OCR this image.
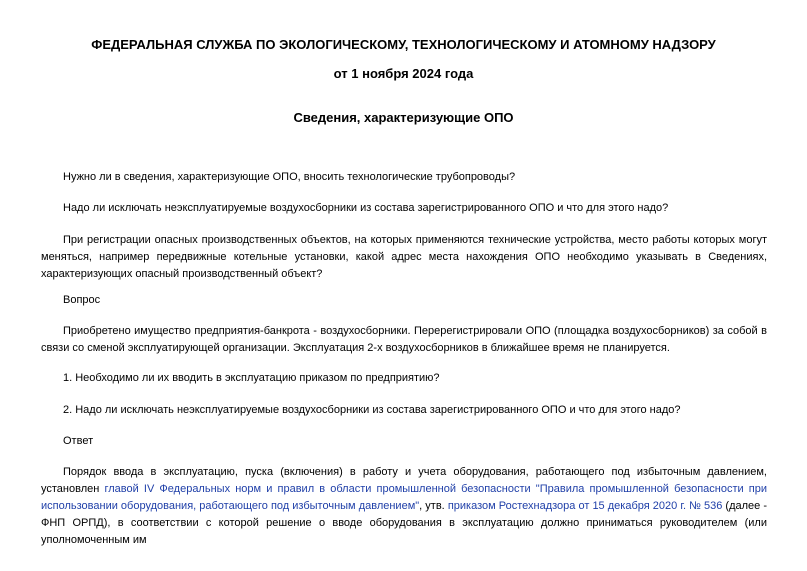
ФЕДЕРАЛЬНАЯ СЛУЖБА ПО ЭКОЛОГИЧЕСКОМУ, ТЕХНОЛОГИЧЕСКОМУ И АТОМНОМУ НАДЗОРУ

от 1 ноября 2024 года

Сведения, характеризующие ОПО

Нужно ли в сведения, характеризующие ОПО, вносить технологические трубопроводы?

Надо ли исключать неэксплуатируемые воздухосборники из состава зарегистрированного ОПО и что для этого надо?

При регистрации опасных производственных объектов, на которых применяются технические устройства, место работы которых могут меняться, например передвижные котельные установки, какой адрес места нахождения ОПО необходимо указывать в Сведениях, характеризующих опасный производственный объект?

Вопрос

Приобретено имущество предприятия-банкрота - воздухосборники. Перерегистрировали ОПО (площадка воздухосборников) за собой в связи со сменой эксплуатирующей организации. Эксплуатация 2-х воздухосборников в ближайшее время не планируется.

1. Необходимо ли их вводить в эксплуатацию приказом по предприятию?

2. Надо ли исключать неэксплуатируемые воздухосборники из состава зарегистрированного ОПО и что для этого надо?

Ответ

Порядок ввода в эксплуатацию, пуска (включения) в работу и учета оборудования, работающего под избыточным давлением, установлен главой IV Федеральных норм и правил в области промышленной безопасности "Правила промышленной безопасности при использовании оборудования, работающего под избыточным давлением", утв. приказом Ростехнадзора от 15 декабря 2020 г. № 536 (далее - ФНП ОРПД), в соответствии с которой решение о вводе оборудования в эксплуатацию должно приниматься руководителем (или уполномоченным им
